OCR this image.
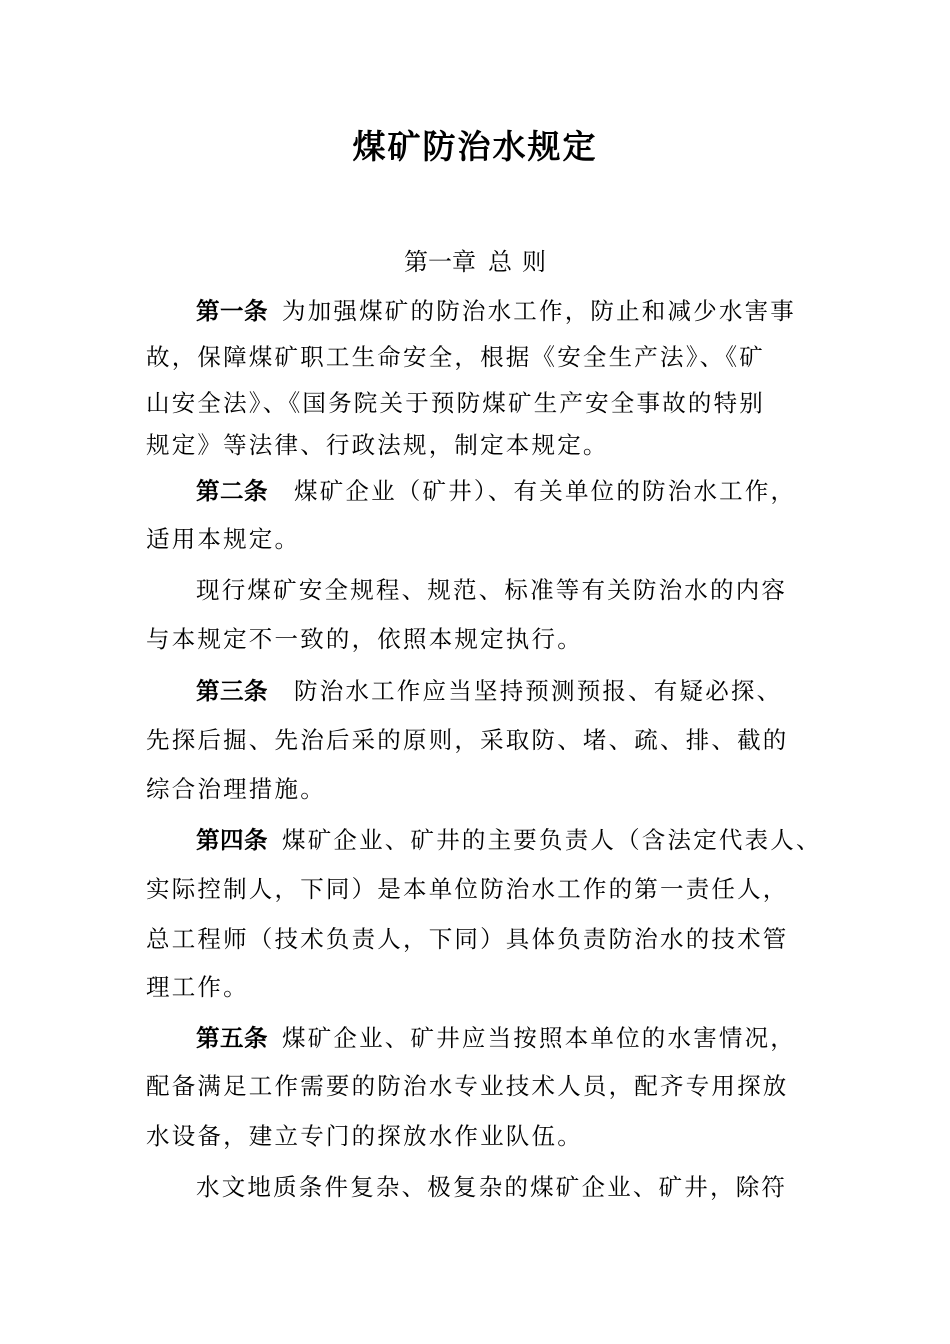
煤矿防治水规定
第一章 总 则

第一条 为加强煤矿的防治水工作，防止和减少水害事

故，保障煤矿职工生命安全，根据《安全生产法》、《矿

山安全法》、《国务院关于预防煤矿生产安全事故的特别

规定》等法律、行政法规，制定本规定。

第二条 煤矿企业（矿井）、有关单位的防治水工作，

适用本规定。

现行煤矿安全规程、规范、标准等有关防治水的内容

与本规定不一致的，依照本规定执行。

第三条 防治水工作应当坚持预测预报、有疑必探、

先探后掘、先治后采的原则，采取防、堵、疏、排、截的

综合治理措施。

第四条 煤矿企业、矿井的主要负责人（含法定代表人、

实际控制人，下同）是本单位防治水工作的第一责任人，

总工程师（技术负责人，下同）具体负责防治水的技术管

理工作。

第五条 煤矿企业、矿井应当按照本单位的水害情况，

配备满足工作需要的防治水专业技术人员，配齐专用探放

水设备，建立专门的探放水作业队伍。

水文地质条件复杂、极复杂的煤矿企业、矿井，除符
